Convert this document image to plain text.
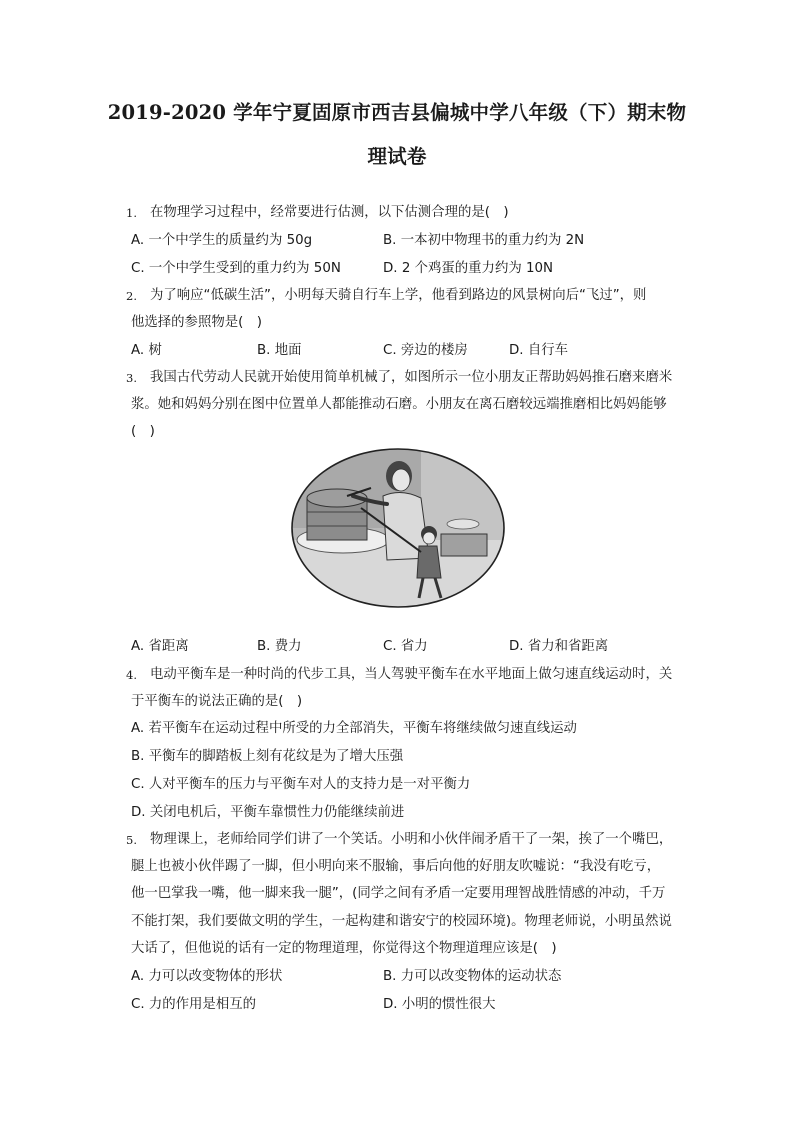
2019-2020 学年宁夏固原市西吉县偏城中学八年级（下）期末物
理试卷
1. 在物理学习过程中，经常要进行估测，以下估测合理的是(　)
A. 一个中学生的质量约为 50g	B. 一本初中物理书的重力约为 2N
C. 一个中学生受到的重力约为 50N	D. 2 个鸡蛋的重力约为 10N
2. 为了响应“低碳生活”，小明每天骑自行车上学，他看到路边的风景树向后“飞过”，则
他选择的参照物是(　)
A. 树	B. 地面	C. 旁边的楼房	D. 自行车
3. 我国古代劳动人民就开始使用简单机械了，如图所示一位小朋友正帮助妈妈推石磨来磨米
浆。她和妈妈分别在图中位置单人都能推动石磨。小朋友在离石磨较远端推磨相比妈妈能够
(　)
A. 省距离	B. 费力	C. 省力	D. 省力和省距离
4. 电动平衡车是一种时尚的代步工具，当人驾驶平衡车在水平地面上做匀速直线运动时，关
于平衡车的说法正确的是(　)
A. 若平衡车在运动过程中所受的力全部消失，平衡车将继续做匀速直线运动
B. 平衡车的脚踏板上刻有花纹是为了增大压强
C. 人对平衡车的压力与平衡车对人的支持力是一对平衡力
D. 关闭电机后，平衡车靠惯性力仍能继续前进
5. 物理课上，老师给同学们讲了一个笑话。小明和小伙伴闹矛盾干了一架，挨了一个嘴巴，
腿上也被小伙伴踢了一脚，但小明向来不服输，事后向他的好朋友吹嘘说：“我没有吃亏，
他一巴掌我一嘴，他一脚来我一腿”，(同学之间有矛盾一定要用理智战胜情感的冲动，千万
不能打架，我们要做文明的学生，一起构建和谐安宁的校园环境)。物理老师说，小明虽然说
大话了，但他说的话有一定的物理道理，你觉得这个物理道理应该是(　)
A. 力可以改变物体的形状	B. 力可以改变物体的运动状态
C. 力的作用是相互的	D. 小明的惯性很大
